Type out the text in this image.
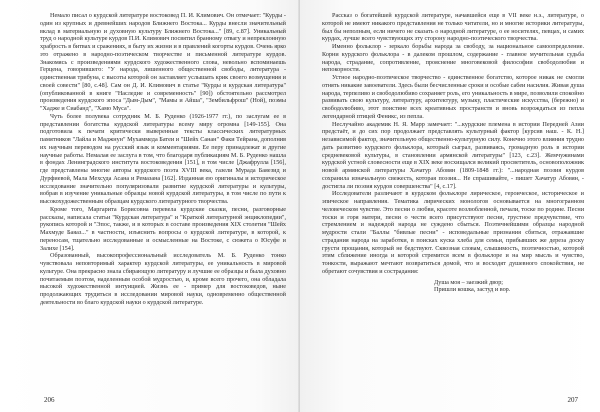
Немало писал о курдской литературе востоковед П. И. Климович. Он отмечает: "Курды - один из крупных и древнейших народов Ближнего Востока... Курды внесли значительный вклад в материальную и духовную культуру Ближнего Востока..." [89, с.87]. Уникальный труд о народной культуре курдов П.И. Климович посвятил бранному отвагу и непреклонную храбрость в битвах и сражениях, в быту их жизни и в правлений когорты курдов. Очень ярко это отражено в народно-поэтическом творчестве и письменной литературе курдов. Знакомясь с произведениями курдского художественного слова, невольно вспоминаешь Герцена, говорившего: "У народа, лишенного общественной свободы, литература - единственная трибуна, с высоты которой он заставляет услышать крик своего возмущения и своей совести" [80, с.48]. Сам он Д. И. Климович в статье "Курды и курдская литература" (опубликованной в книге "Наследие и современность" [90]) обстоятельно рассмотрел произведения курдского эпоса "Дым-Дым", "Мамы и Айша", "Зембильфрош" (Ной), поэмы "Хадже и Сиабанд", "Хамо Муса".

Чуть более полувека сотрудник М. Б. Руденко (1926-1977 гг.), по заслугам ее в представлении богатства курдской литературы всему миру огромна [149-155]. Она подготовила к печати критически выверенные тексты классических литературных памятников "Лайла и Маджнун" Мухаммеда Батеи и "Шейх Санан" Факи Тейрана, дополнив их научным переводом на русский язык и комментариями. Ее перу принадлежат и другие научные работы. Немалая ее заслуга в том, что благодаря публикациям М. Б. Руденко нашла в фондах Ленинградского института востоковедения [151], в том числе [Джафрулла [156], где представлены многие авторы курдского поэта XVIII века, газели Мурада Баяезид и Дурфиевой, Мала Мехсуда Асана и Ремазана [162]. Изданная ею оригиналы и историческое исследование значительно популяризовали развитие курдской литературы и культуры, вобрав в изучение уникальные образцы новой курдской литературы, в том числе по пути к высокохудожественным образцам курдского литературного творчества.

Кроме того, Маргарита Борисовна перевела курдские сказки, песни, разговорные рассказы, написала статьи "Курдская литература" и "Краткой литературной энциклопедии", рукопись которой и "Эпос, также, и в которых в составе произведения XIX столетия "Шейх Махмуде Баяаз..." в частности, изъяснить вопросы о курдской литературе, в которой, к переносам, тщательно исследованные и осмысленные на Востоке, с сюжета о Юсуфе и Залихе [154].

Образованный, высокопрофессиональный исследователь М. Б. Руденко тонко чувствовала неповторимый характер курдской литературы, ее уникальность в мировой культуре. Она прекрасно знала сбирающую литературу и лучшие ее образцы и была духовно почитаемым поэтом, наделенным особой мудростью, и, кроме всего прочего, она обладала высокой художественной интуицией. Жизнь ее - пример для востоковедов, ныне продолжающих трудиться в исследовании мировой науки, одновременно общественной деятельности во благо курдской науки о курдской литературе.

206

Рассказ о богатейшей курдской литературе, начавшейся еще в VII веке н.э., литературе, о которой не имеют никакого представления не только читатели, но и многие историки литературы, был бы неполным, если ничего не сказать о народной литературе, о ее носителях, певцах, и самих курдах, лучше всего чувствующих эту сторону народно-поэтического творчества.

Именно фольклор - зеркало борьбы народа за свободу, за национальное самоопределение. Корни курдского фольклора - в далеком прошлом, содержание - главное мучительная судьба народа, страдание, сопротивление, прояснение многовековой философии свободолюбия и непокорности.

Устное народно-поэтическое творчество - единственное богатство, которое никак не смогли отнять никакие завоеватели. Здесь были бесчисленные сроки и особые сабеи насилия. Живая душа народа, терпеливо и свободолюбиво сохраняет роль, его уникальность в мире, позволили спокойно развивать свою культуру, литературу, архитектуру, музыку, пластические искусства, (бережно) и свободолюбиво, этот поистине всех креативных пространств и вновь возрождаться из пепла легендарной птицей Феникс, из пепла.

Неслучайно академик Н. Я. Марр замечает: "...курдские племена в истории Передней Азии предстаёт, и до сих пор продолжает представлять культурный фактор [курсив наш. - К. Н.] независимой фактор, значительную общественно-культурную силу. Конечно этого влияния трудно дать развитию курдского фольклора, который сыграл, развиваясь, громадную роль в истории средневековой культуры, в становлении армянской литературы" [123, с.23]. Жемчужинами курдской устной словесности еще в XIX веке восхищался великий просветитель, основоположник новой армянской литературы Хачатур Абовян (1809-1848 гг.): "...народная поэзия курдов сохранила изначальную свежесть, которая поэзия... Не спрашивайте, - пишет Хачатур Абовян, - достигла ли поэзия курдов совершенства" [4, с.17].

Исследователи различают в курдском фольклоре лирическое, героическое, историческое и эпическое направления. Тематика лирических монологов основывается на многогранном человеческом чувстве. Это песни о любви, красоте возлюбленной, печали, тоске по родине. Песни тоски и горя матери, песни о чести всего присутствуют песни, грустное предчувствие, что стремлением и надеждой народа не суждено сбыться. Поэтичнейшими образцы народной мудрости стали "Баллы "бивлые песни" - исповедальные признания сбиться, отражавшие страдания народа на заработки, в поисках куска хлеба для семьи, прибывших же дереза доску грусти прощания, который не бедствуют. Сквозная словам, слышимость, поэтичностью, которой этим сближение иногда и которой стремится всем в фольклоре и на мир мысль и чувство, тонкости, выражают мечтают возвратиться домой, что и восходят душевного спокойствия, не обретают сочувствия и сострадания:

Душа моя – заезжий двор;
Пришли кошка, застуд и вор.
207
